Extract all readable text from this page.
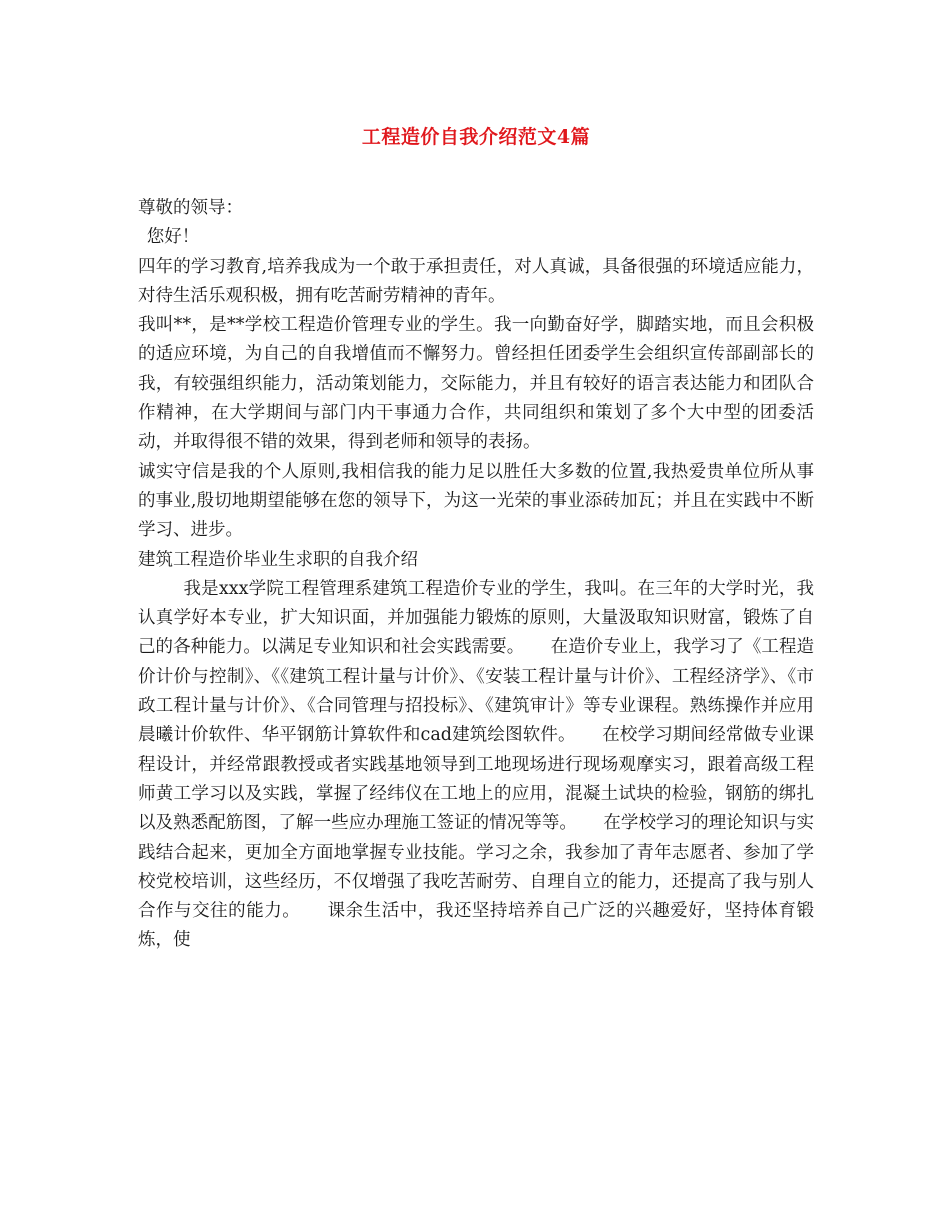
工程造价自我介绍范文4篇

尊敬的领导：

您好！

四年的学习教育,培养我成为一个敢于承担责任，对人真诚，具备很强的环境适应能力，对待生活乐观积极，拥有吃苦耐劳精神的青年。

我叫**，是**学校工程造价管理专业的学生。我一向勤奋好学，脚踏实地，而且会积极的适应环境，为自己的自我增值而不懈努力。曾经担任团委学生会组织宣传部副部长的我，有较强组织能力，活动策划能力，交际能力，并且有较好的语言表达能力和团队合作精神，在大学期间与部门内干事通力合作，共同组织和策划了多个大中型的团委活动，并取得很不错的效果，得到老师和领导的表扬。

诚实守信是我的个人原则,我相信我的能力足以胜任大多数的位置,我热爱贵单位所从事的事业,殷切地期望能够在您的领导下，为这一光荣的事业添砖加瓦；并且在实践中不断学习、进步。

建筑工程造价毕业生求职的自我介绍

我是xxx学院工程管理系建筑工程造价专业的学生，我叫。在三年的大学时光，我认真学好本专业，扩大知识面，并加强能力锻炼的原则，大量汲取知识财富，锻炼了自己的各种能力。以满足专业知识和社会实践需要。　　在造价专业上，我学习了《工程造价计价与控制》、《《建筑工程计量与计价》、《安装工程计量与计价》、工程经济学》、《市政工程计量与计价》、《合同管理与招投标》、《建筑审计》等专业课程。熟练操作并应用晨曦计价软件、华平钢筋计算软件和cad建筑绘图软件。　　在校学习期间经常做专业课程设计，并经常跟教授或者实践基地领导到工地现场进行现场观摩实习，跟着高级工程师黄工学习以及实践，掌握了经纬仪在工地上的应用，混凝土试块的检验，钢筋的绑扎以及熟悉配筋图，了解一些应办理施工签证的情况等等。　　在学校学习的理论知识与实践结合起来，更加全方面地掌握专业技能。学习之余，我参加了青年志愿者、参加了学校党校培训，这些经历，不仅增强了我吃苦耐劳、自理自立的能力，还提高了我与别人合作与交往的能力。　　课余生活中，我还坚持培养自己广泛的兴趣爱好，坚持体育锻炼，使
